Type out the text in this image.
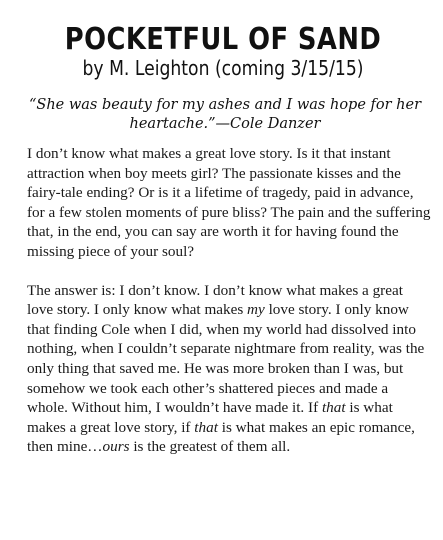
POCKETFUL OF SAND
by M. Leighton (coming 3/15/15)
“She was beauty for my ashes and I was hope for her heartache.”—Cole Danzer

I don’t know what makes a great love story. Is it that instant attraction when boy meets girl? The passionate kisses and the fairy-tale ending? Or is it a lifetime of tragedy, paid in advance, for a few stolen moments of pure bliss? The pain and the suffering that, in the end, you can say are worth it for having found the missing piece of your soul?

The answer is: I don’t know. I don’t know what makes a great love story. I only know what makes my love story. I only know that finding Cole when I did, when my world had dissolved into nothing, when I couldn’t separate nightmare from reality, was the only thing that saved me. He was more broken than I was, but somehow we took each other’s shattered pieces and made a whole. Without him, I wouldn’t have made it. If that is what makes a great love story, if that is what makes an epic romance, then mine…ours is the greatest of them all.
